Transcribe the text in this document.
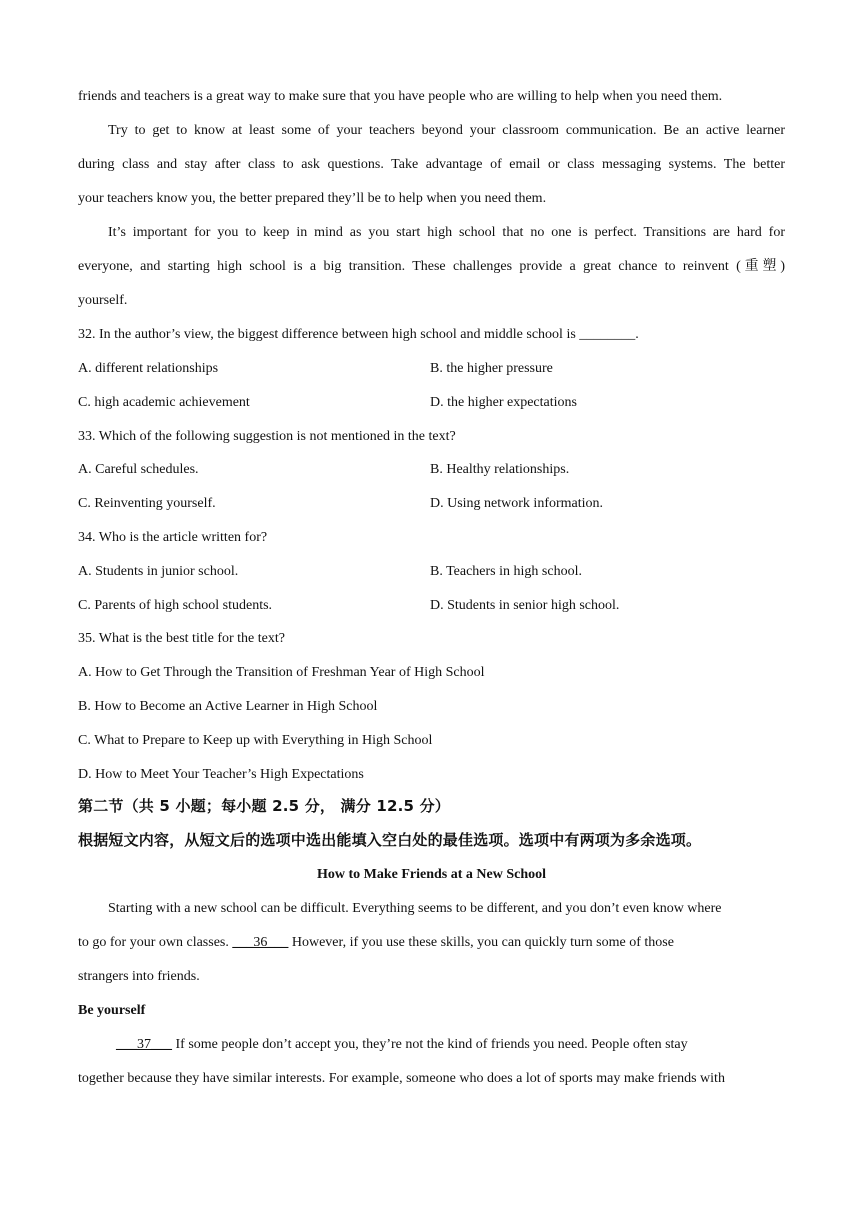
friends and teachers is a great way to make sure that you have people who are willing to help when you need them.
Try to get to know at least some of your teachers beyond your classroom communication. Be an active learner
during class and stay after class to ask questions. Take advantage of email or class messaging systems. The better
your teachers know you, the better prepared they’ll be to help when you need them.
It’s important for you to keep in mind as you start high school that no one is perfect. Transitions are hard for
everyone, and starting high school is a big transition. These challenges provide a great chance to reinvent (重塑)
yourself.
32. In the author’s view, the biggest difference between high school and middle school is ________.
A. different relationships	B. the higher pressure
C. high academic achievement	D. the higher expectations
33. Which of the following suggestion is not mentioned in the text?
A. Careful schedules.	B. Healthy relationships.
C. Reinventing yourself.	D. Using network information.
34. Who is the article written for?
A. Students in junior school.	B. Teachers in high school.
C. Parents of high school students.	D. Students in senior high school.
35. What is the best title for the text?
A. How to Get Through the Transition of Freshman Year of High School
B. How to Become an Active Learner in High School
C. What to Prepare to Keep up with Everything in High School
D. How to Meet Your Teacher’s High Expectations
第二节（共 5 小题；每小题 2.5 分， 满分 12.5 分）
根据短文内容，从短文后的选项中选出能填入空白处的最佳选项。选项中有两项为多余选项。
How to Make Friends at a New School
Starting with a new school can be difficult. Everything seems to be different, and you don’t even know where
to go for your own classes. ___36___ However, if you use these skills, you can quickly turn some of those
strangers into friends.
Be yourself
___37___ If some people don’t accept you, they’re not the kind of friends you need. People often stay
together because they have similar interests. For example, someone who does a lot of sports may make friends with
